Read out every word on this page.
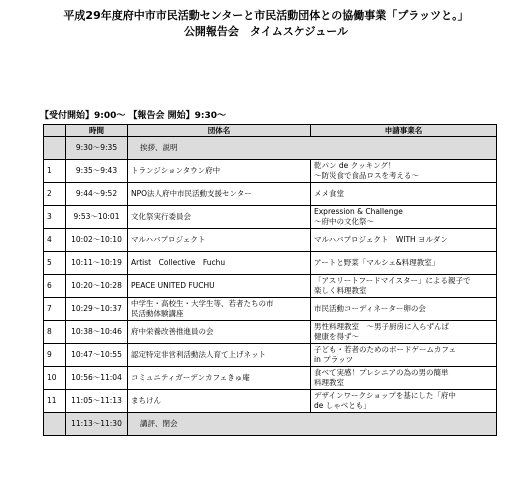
平成29年度府中市市民活動センターと市民活動団体との協働事業「プラッツと。」
公開報告会　タイムスケジュール
【受付開始】9:00～ 【報告会 開始】9:30～
	時間	団体名	申請事業名
	9:30～9:35	挨拶、説明	
1	9:35～9:43	トランジションタウン府中	乾パン de クッキング！
～防災食で食品ロスを考える～
2	9:44～9:52	NPO法人府中市民活動支援センター	メメ食堂
3	9:53～10:01	文化祭実行委員会	Expression & Challenge
～府中の文化祭～
4	10:02～10:10	マルハバプロジェクト	マルハバプロジェクト　WITH ヨルダン
5	10:11～10:19	Artist　Collective　Fuchu	アートと野菜「マルシェ&料理教室」
6	10:20～10:28	PEACE UNITED FUCHU	「アスリートフードマイスター」による親子で
楽しく料理教室
7	10:29～10:37	中学生・高校生・大学生等、若者たちの市
民活動体験講座	市民活動コーディネーター卵の会
8	10:38～10:46	府中栄養改善推進員の会	男性料理教室　～男子厨房に入らずんば
健康を得ず～
9	10:47～10:55	認定特定非営利活動法人育て上げネット	子ども・若者のためのボードゲームカフェ
in プラッツ
10	10:56～11:04	コミュニティガーデンカフェきゅ庵	食べて実感！プレシニアの為の男の簡単
料理教室
11	11:05～11:13	まちけん	デザインワークショップを基にした「府中
de しゃべとも」
	11:13～11:30	講評、閉会	
